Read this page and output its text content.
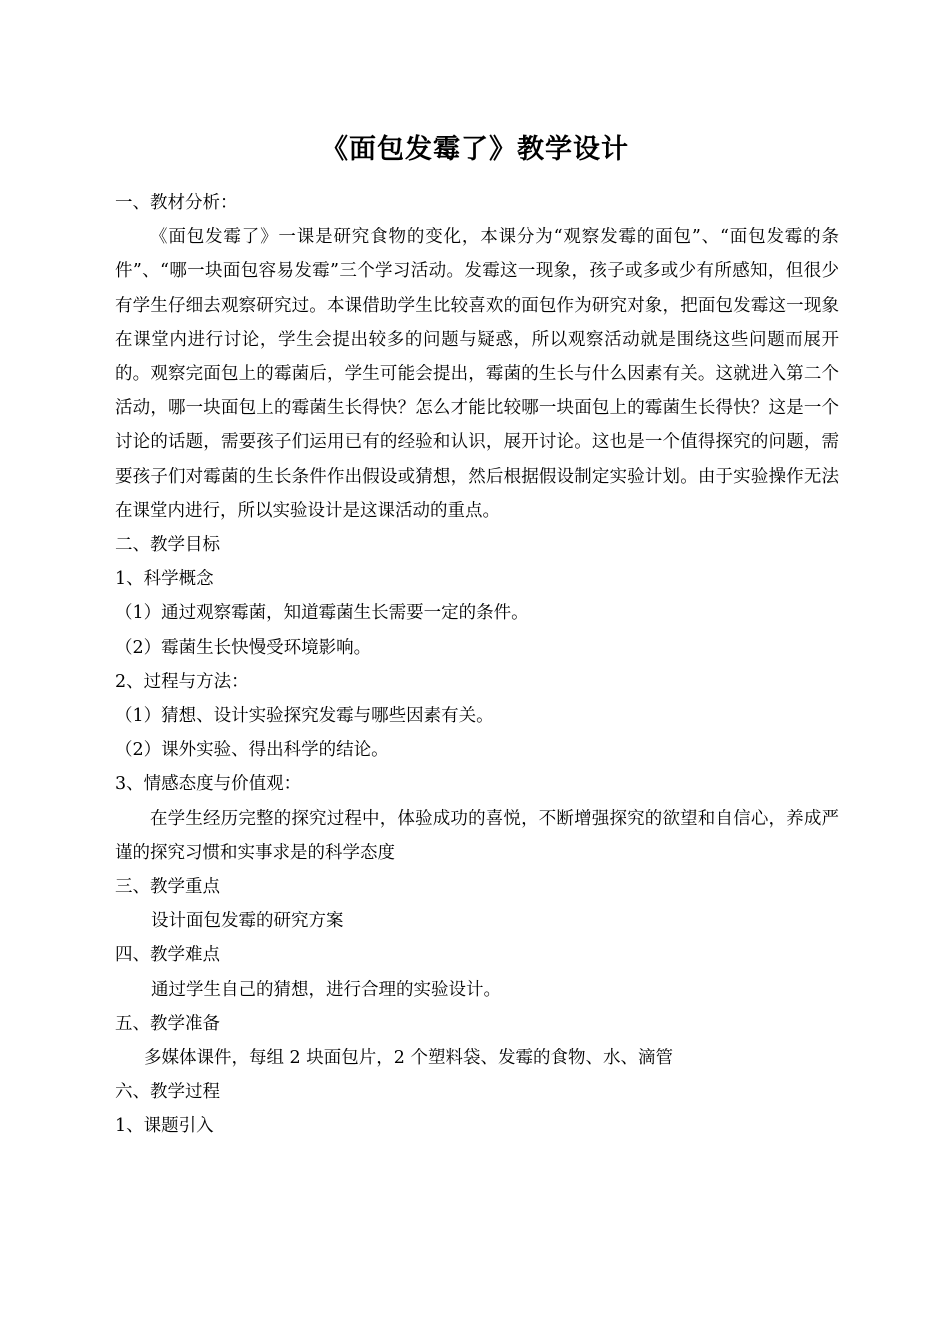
《面包发霉了》教学设计

一、教材分析：

《面包发霉了》一课是研究食物的变化，本课分为“观察发霉的面包”、“面包发霉的条件”、“哪一块面包容易发霉”三个学习活动。发霉这一现象，孩子或多或少有所感知，但很少有学生仔细去观察研究过。本课借助学生比较喜欢的面包作为研究对象，把面包发霉这一现象在课堂内进行讨论，学生会提出较多的问题与疑惑，所以观察活动就是围绕这些问题而展开的。观察完面包上的霉菌后，学生可能会提出，霉菌的生长与什么因素有关。这就进入第二个活动，哪一块面包上的霉菌生长得快？怎么才能比较哪一块面包上的霉菌生长得快？这是一个讨论的话题，需要孩子们运用已有的经验和认识，展开讨论。这也是一个值得探究的问题，需要孩子们对霉菌的生长条件作出假设或猜想，然后根据假设制定实验计划。由于实验操作无法在课堂内进行，所以实验设计是这课活动的重点。

二、教学目标

1、科学概念

（1）通过观察霉菌，知道霉菌生长需要一定的条件。

（2）霉菌生长快慢受环境影响。

2、过程与方法：

（1）猜想、设计实验探究发霉与哪些因素有关。

（2）课外实验、得出科学的结论。

3、情感态度与价值观：

在学生经历完整的探究过程中，体验成功的喜悦，不断增强探究的欲望和自信心，养成严谨的探究习惯和实事求是的科学态度

三、教学重点

设计面包发霉的研究方案

四、教学难点

通过学生自己的猜想，进行合理的实验设计。

五、教学准备

多媒体课件，每组 2 块面包片，2 个塑料袋、发霉的食物、水、滴管

六、教学过程

1、课题引入
